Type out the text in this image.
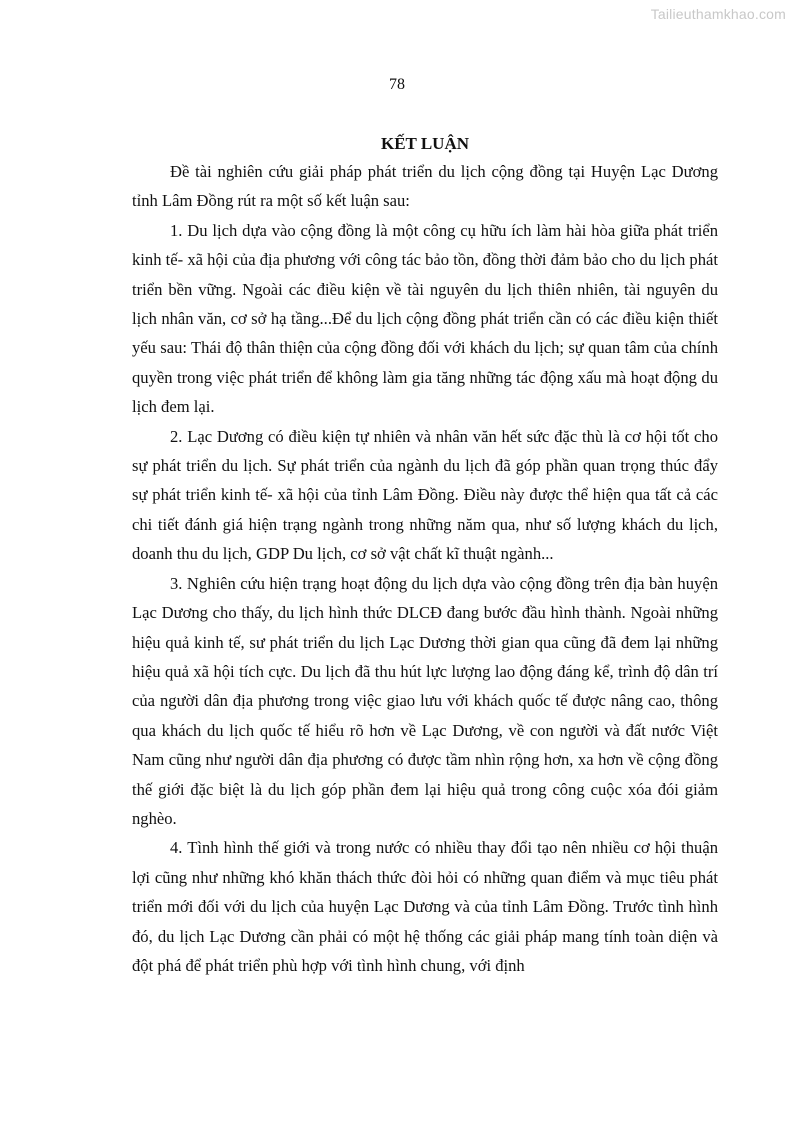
Tailieuthamkhao.com
78
KẾT LUẬN

Đề tài nghiên cứu giải pháp phát triển du lịch cộng đồng tại Huyện Lạc Dương tỉnh Lâm Đồng rút ra một số kết luận sau:

1. Du lịch dựa vào cộng đồng là một công cụ hữu ích làm hài hòa giữa phát triển kinh tế- xã hội của địa phương với công tác bảo tồn, đồng thời đảm bảo cho du lịch phát triển bền vững. Ngoài các điều kiện về tài nguyên du lịch thiên nhiên, tài nguyên du lịch nhân văn, cơ sở hạ tầng...Để du lịch cộng đồng phát triển cần có các điều kiện thiết yếu sau: Thái độ thân thiện của cộng đồng đối với khách du lịch; sự quan tâm của chính quyền trong việc phát triển để không làm gia tăng những tác động xấu mà hoạt động du lịch đem lại.

2. Lạc Dương có điều kiện tự nhiên và nhân văn hết sức đặc thù là cơ hội tốt cho sự phát triển du lịch. Sự phát triển của ngành du lịch đã góp phần quan trọng thúc đẩy sự phát triển kinh tế- xã hội của tỉnh Lâm Đồng. Điều này được thể hiện qua tất cả các chi tiết đánh giá hiện trạng ngành trong những năm qua, như số lượng khách du lịch, doanh thu du lịch, GDP Du lịch, cơ sở vật chất kĩ thuật ngành...

3. Nghiên cứu hiện trạng hoạt động du lịch dựa vào cộng đồng trên địa bàn huyện Lạc Dương cho thấy, du lịch hình thức DLCĐ đang bước đầu hình thành. Ngoài những hiệu quả kinh tế, sư phát triển du lịch Lạc Dương thời gian qua cũng đã đem lại những hiệu quả xã hội tích cực. Du lịch đã thu hút lực lượng lao động đáng kể, trình độ dân trí của người dân địa phương trong việc giao lưu với khách quốc tế được nâng cao, thông qua khách du lịch quốc tế hiểu rõ hơn về Lạc Dương, về con người và đất nước Việt Nam cũng như người dân địa phương có được tầm nhìn rộng hơn, xa hơn về cộng đồng thế giới đặc biệt là du lịch góp phần đem lại hiệu quả trong công cuộc xóa đói giảm nghèo.

4. Tình hình thế giới và trong nước có nhiều thay đổi tạo nên nhiều cơ hội thuận lợi cũng như những khó khăn thách thức đòi hỏi có những quan điểm và mục tiêu phát triển mới đối với du lịch của huyện Lạc Dương và của tỉnh Lâm Đồng. Trước tình hình đó, du lịch Lạc Dương cần phải có một hệ thống các giải pháp mang tính toàn diện và đột phá để phát triển phù hợp với tình hình chung, với định
